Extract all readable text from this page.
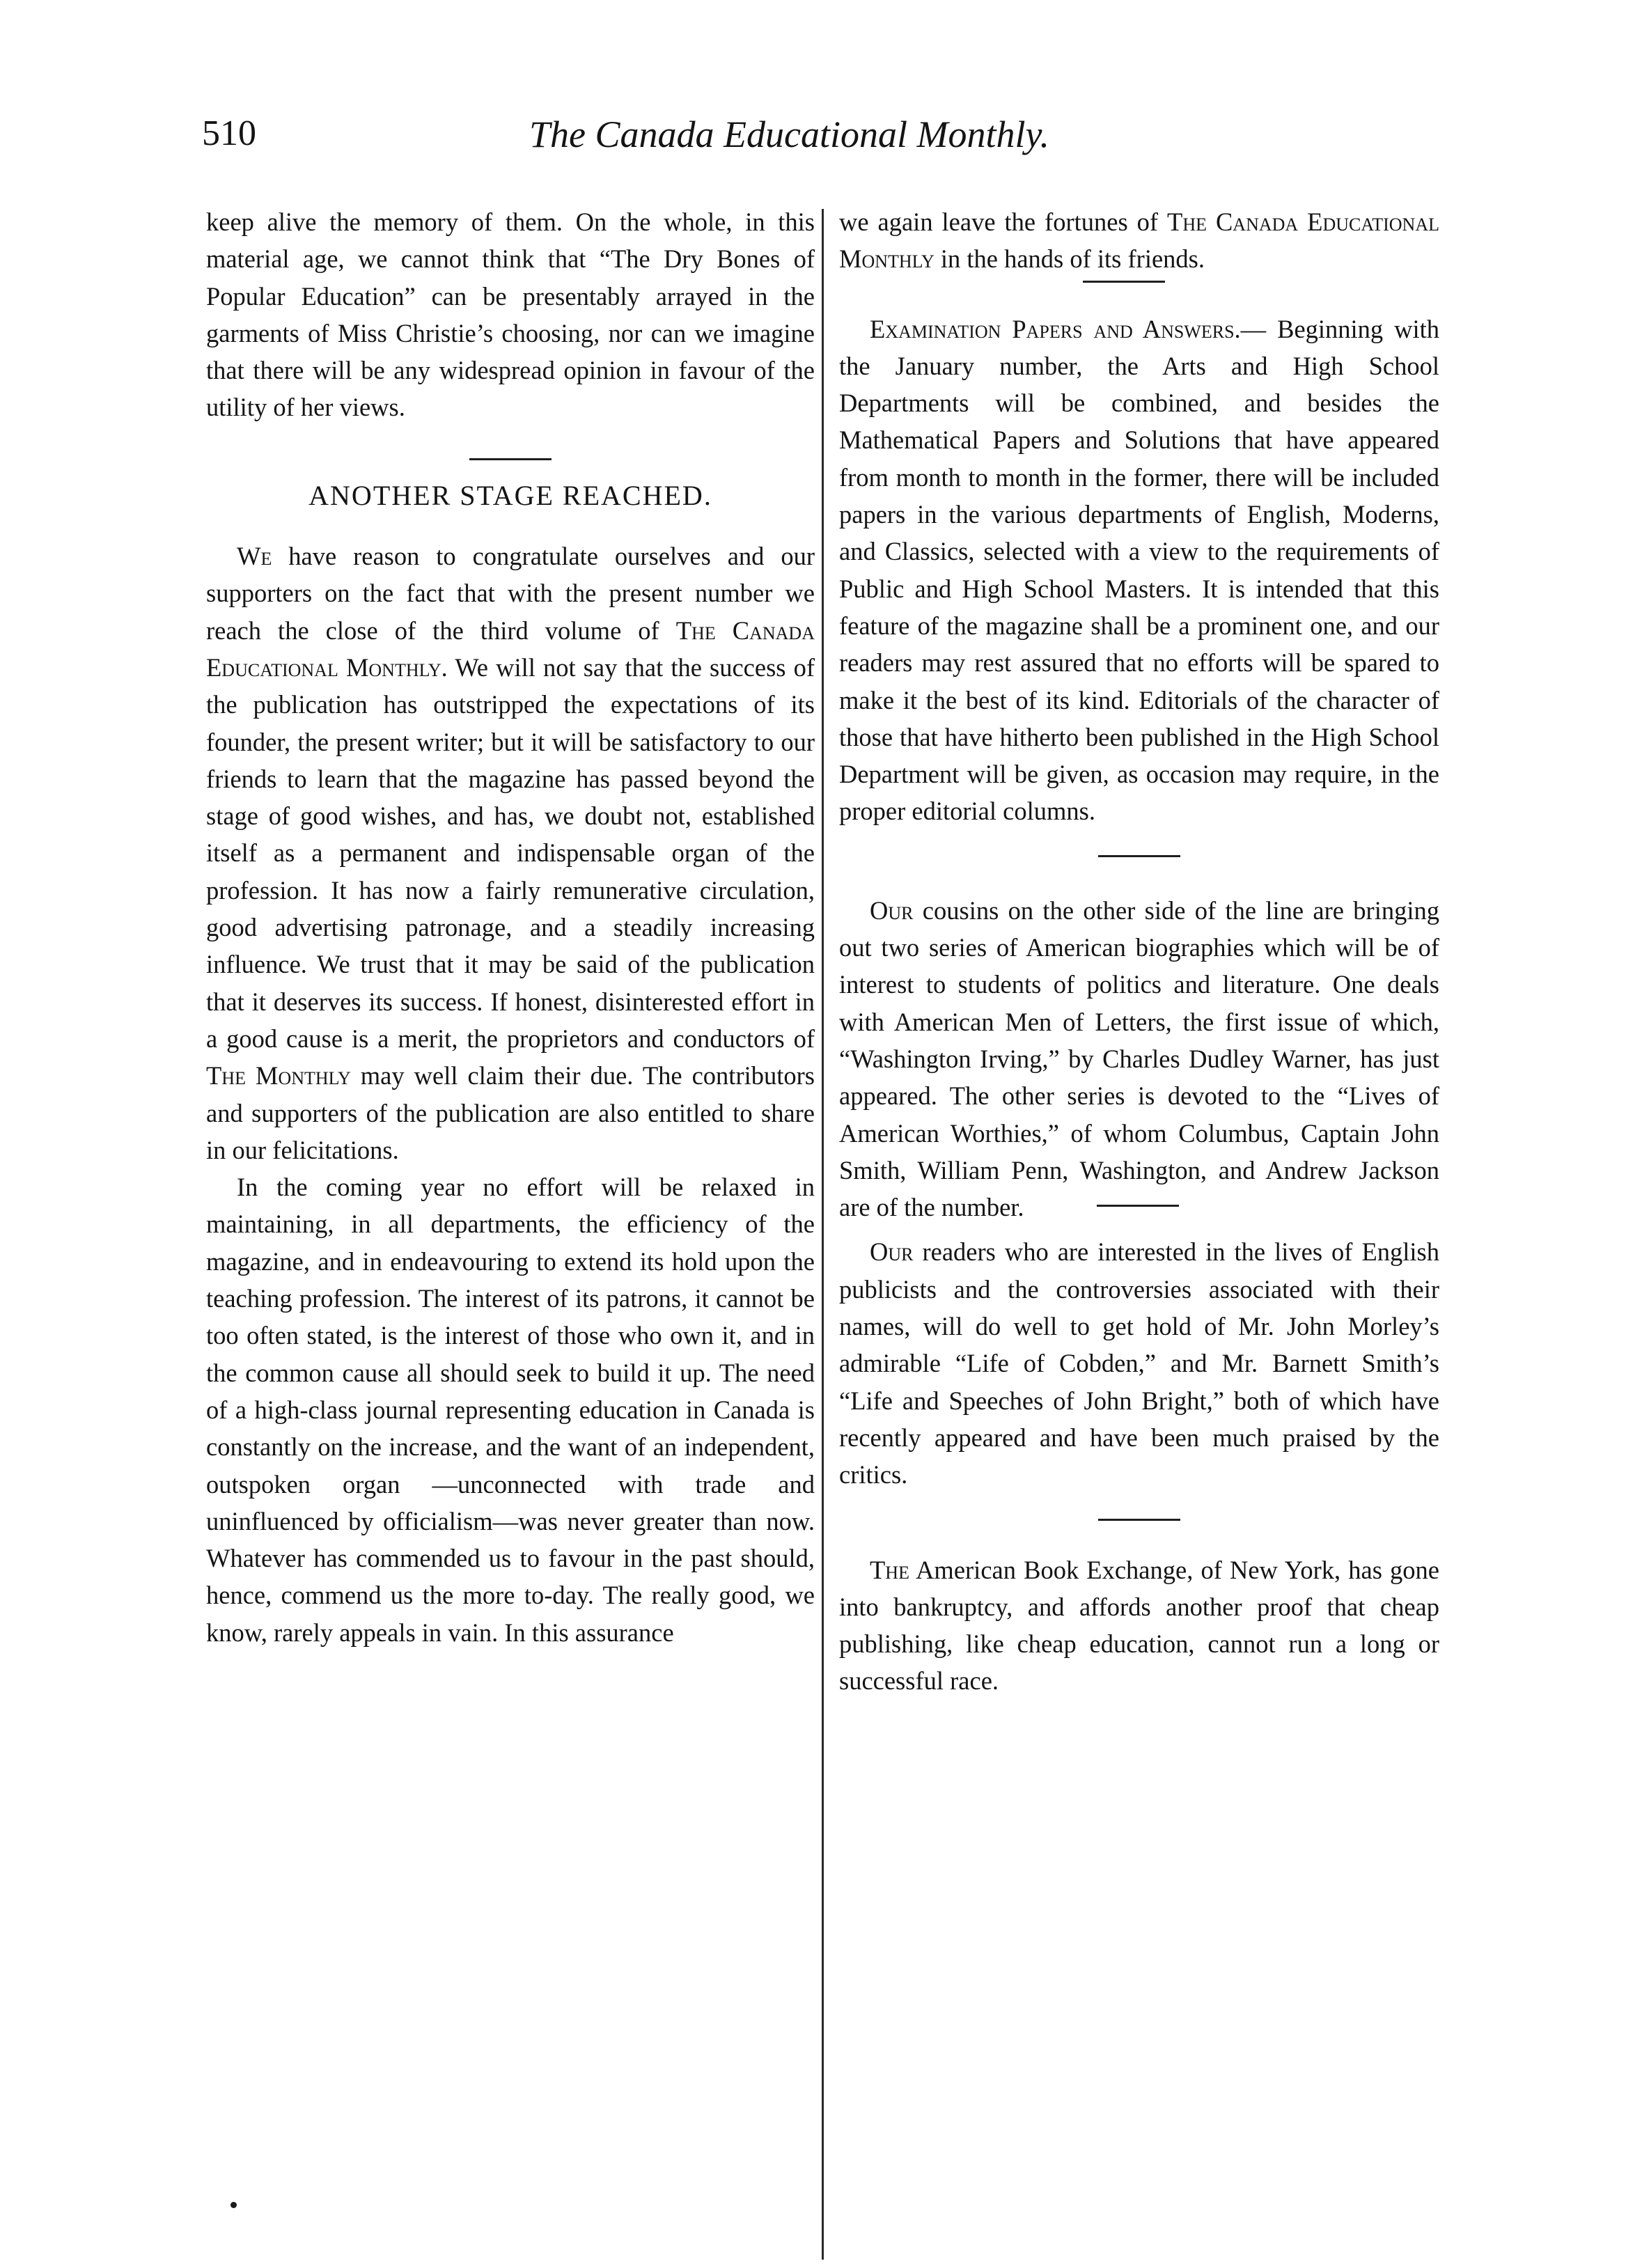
510	The Canada Educational Monthly.

keep alive the memory of them. On the whole, in this material age, we cannot think that “The Dry Bones of Popular Education” can be presentably arrayed in the garments of Miss Christie’s choosing, nor can we imagine that there will be any widespread opinion in favour of the utility of her views.

ANOTHER STAGE REACHED.

We have reason to congratulate ourselves and our supporters on the fact that with the present number we reach the close of the third volume of The Canada Educational Monthly. We will not say that the success of the publication has outstripped the expectations of its founder, the present writer; but it will be satisfactory to our friends to learn that the magazine has passed beyond the stage of good wishes, and has, we doubt not, established itself as a permanent and indispensable organ of the profession. It has now a fairly remunerative circulation, good advertising patronage, and a steadily increasing influence. We trust that it may be said of the publication that it deserves its success. If honest, disinterested effort in a good cause is a merit, the proprietors and conductors of The Monthly may well claim their due. The contributors and supporters of the publication are also entitled to share in our felicitations.

In the coming year no effort will be relaxed in maintaining, in all departments, the efficiency of the magazine, and in endeavouring to extend its hold upon the teaching profession. The interest of its patrons, it cannot be too often stated, is the interest of those who own it, and in the common cause all should seek to build it up. The need of a high-class journal representing education in Canada is constantly on the increase, and the want of an independent, outspoken organ —unconnected with trade and uninfluenced by officialism—was never greater than now. Whatever has commended us to favour in the past should, hence, commend us the more to-day. The really good, we know, rarely appeals in vain. In this assurance

we again leave the fortunes of The Canada Educational Monthly in the hands of its friends.

Examination Papers and Answers.— Beginning with the January number, the Arts and High School Departments will be combined, and besides the Mathematical Papers and Solutions that have appeared from month to month in the former, there will be included papers in the various departments of English, Moderns, and Classics, selected with a view to the requirements of Public and High School Masters. It is intended that this feature of the magazine shall be a prominent one, and our readers may rest assured that no efforts will be spared to make it the best of its kind. Editorials of the character of those that have hitherto been published in the High School Department will be given, as occasion may require, in the proper editorial columns.

Our cousins on the other side of the line are bringing out two series of American biographies which will be of interest to students of politics and literature. One deals with American Men of Letters, the first issue of which, “Washington Irving,” by Charles Dudley Warner, has just appeared. The other series is devoted to the “Lives of American Worthies,” of whom Columbus, Captain John Smith, William Penn, Washington, and Andrew Jackson are of the number.

Our readers who are interested in the lives of English publicists and the controversies associated with their names, will do well to get hold of Mr. John Morley’s admirable “Life of Cobden,” and Mr. Barnett Smith’s “Life and Speeches of John Bright,” both of which have recently appeared and have been much praised by the critics.

The American Book Exchange, of New York, has gone into bankruptcy, and affords another proof that cheap publishing, like cheap education, cannot run a long or successful race.
